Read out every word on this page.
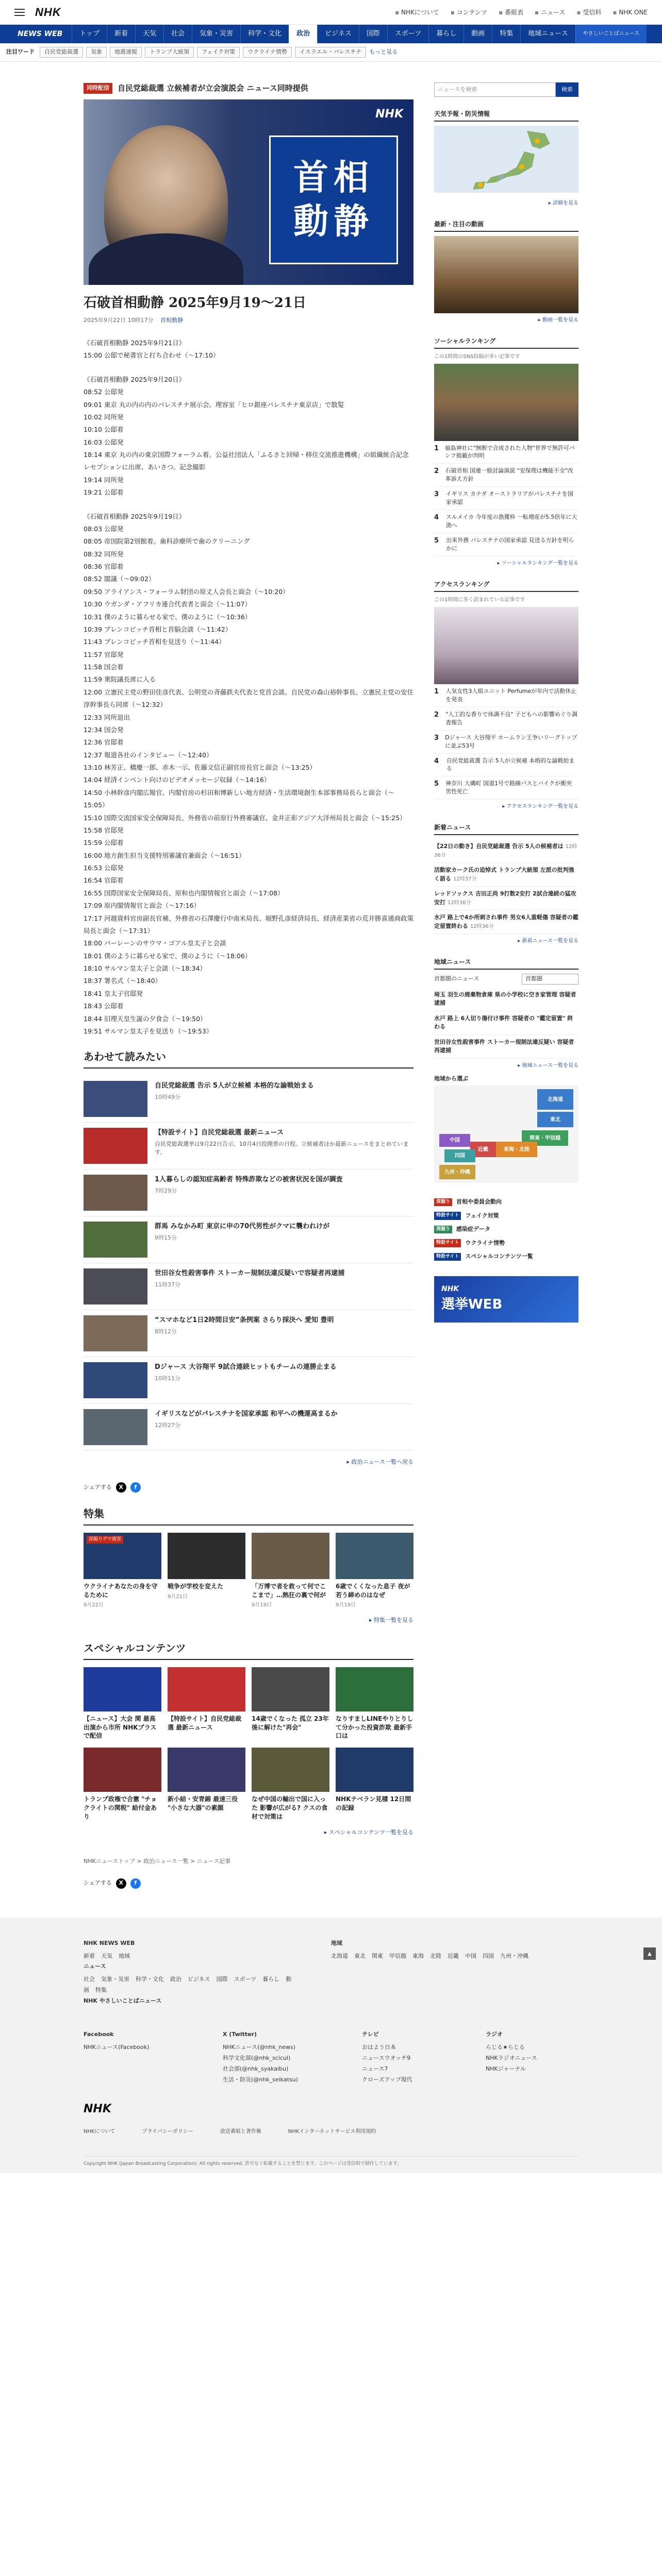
NHK	▪ NHKについて	▪ コンテンツ	▪ 番組表	▪ ニュース	▪ 受信料	▪ NHK ONE
NEWS WEB	トップ	新着	天気	社会	気象・災害	科学・文化	政治	ビジネス	国際	スポーツ	暮らし	動画	特集	地域ニュース	やさしいことばニュース
注目ワード	自民党総裁選	気象	地震速報	トランプ大統領	フェイク対策	ウクライナ情勢	イスラエル・パレスチナ	もっと見る
同時配信	自民党総裁選 立候補者が立会演説会 ニュース同時提供
NHK
首相
動静
石破首相動静 2025年9月19〜21日
2025年9月22日 10時17分 首相動静

《石破首相動静 2025年9月21日》
15:00 公邸で秘書官と打ち合わせ（〜17:10）

《石破首相動静 2025年9月20日》
08:52 公邸発
09:01 東京 丸の内の内のパレスチナ展示会。理容室「ヒロ銀座パレスチナ東京店」で散髪
10:02 同所発
10:10 公邸着
16:03 公邸発
18:14 東京 丸の内の東京国際フォーラム着。公益社団法人「ふるさと回帰・移住交流推進機構」の組織統合記念レセプションに出席、あいさつ。記念撮影
19:14 同所発
19:21 公邸着

《石破首相動静 2025年9月19日》
08:03 公邸発
08:05 帝国院第2別館着。歯科診療所で歯のクリーニング
08:32 同所発
08:36 官邸着
08:52 閣議（〜09:02）
09:50 アライアンス・フォーラム財団の原丈人会長と面会（〜10:20）
10:30 ウガンダ・アフリカ連合代表者と面会（〜11:07）
10:31 僕のように暮らせる家で、僕のように（〜10:36）
10:39 プレンコビッチ首相と首脳会談（〜11:42）
11:43 プレンコビッチ首相を見送り（〜11:44）
11:57 官邸発
11:58 国会着
11:59 衆院議長席に入る
12:00 立憲民主党の野田佳彦代表、公明党の斉藤鉄夫代表と党首会談。自民党の森山裕幹事長、立憲民主党の安住淳幹事長ら同席（〜12:32）
12:33 同所退出
12:34 国会発
12:36 官邸着
12:37 報道各社のインタビュー（〜12:40）
13:10 林芳正、橋慶一郎、赤木一示、佐藤文信正副官房長官と面会（〜13:25）
14:04 経済インベント向けのビデオメッセージ収録（〜14:16）
14:50 小林幹彦内閣広報官、内閣官房の杉田和博新しい地方経済・生活環境創生本部事務局長らと面会（〜15:05）
15:10 国際交流国家安全保障局長、外務省の前原行外務審議官、金井正彰アジア大洋州局長と面会（〜15:25）
15:58 官邸発
15:59 公邸着
16:00 地方創生担当支援特別審議官兼面会（〜16:51）
16:53 公邸発
16:54 官邸着
16:55 国際国家安全保障局長、原和也内閣情報官と面会（〜17:08）
17:09 原内閣情報官と面会（〜17:16）
17:17 河越資料官房副長官補、外務省の石澤慶行中南米局長、堀野孔彦経済局長、経済産業省の荒井勝喜通商政策局長と面会（〜17:31）
18:00 パーレーンのサウマ・ゴアル皇太子と会談
18:01 僕のように暮らせる家で、僕のように（〜18:06）
18:10 サルマン皇太子と会談（〜18:34）
18:37 署名式（〜18:40）
18:41 皇太子官邸発
18:43 公邸着
18:44 旧理天皇生誕の夕食会（〜19:50）
19:51 サルマン皇太子を見送り（〜19:53）

あわせて読みたい
自民党総裁選 告示 5人が立候補 本格的な論戦始まる
10時49分
【特設サイト】自民党総裁選 最新ニュース
自民党総裁選挙は9月22日告示、10月4日投開票の日程。立候補者ほか最新ニュースをまとめています。
1人暮らしの認知症高齢者 特殊詐欺などの被害状況を国が調査
7時29分
群馬 みなかみ町 東京に申の70代男性がクマに襲われけが
9時15分
世田谷女性殺害事件 ストーカー規制法違反疑いで容疑者再逮捕
11時37分
“スマホなど1日2時間目安”条例案 さらり採決へ 愛知 豊明
8時12分
Dジャース 大谷翔平 9試合連続ヒットもチームの連勝止まる
10時11分
イギリスなどがパレスチナを国家承認 和平への機運高まるか
12時27分
▸ 政治ニュース一覧へ戻る
シェアする	X	f
特集
深掘りグマ被害
ウクライナあなたの身を守るために
9月22日
戦争が学校を変えた
9月21日
「万博で者を救って何でここまで」…熱狂の裏で何が
9月19日
6歳でくくなった息子 夜が若う締めのはなぜ
9月19日
▸ 特集一覧を見る
スペシャルコンテンツ
【ニュース】大会 関 最高出演から市所 NHKプラスで配信
【特設サイト】自民党総裁選 最新ニュース
14歳でくなった 孤立 23年後に解けた"再会"
なりすましLINEやりとりして分かった投資詐欺 最新手口は
トランプ政権で合憲 "チョクライトの関税" 給付金あり
新小結・安青錦 最速三役 "小さな大器"の素顔
なぜ中国の輸出で国に入った 影響が広がる? クスの食材で対策は
NHKテベラン見積 12日間の記録
▸ スペシャルコンテンツ一覧を見る
NHKニューストップ > 政治ニュース一覧 > ニュース記事
シェアする	X	f
ニュースを検索	検索
天気予報・防災情報
▸ 詳細を見る
最新・注目の動画
▸ 動画一覧を見る
ソーシャルランキング
この1時間のSNS投稿が多い記事です
1	福島神社に"無断で合成された人物"世界で無許可パンフ掲載が判明
2	石破首相 国連一般討論演説 "安保理は機能不全"改革訴え方針
3	イギリス カナダ オーストラリアがパレスチナを国家承認
4	スルメイカ 今年度の漁獲枠 一転増産が5.5倍年に大漁へ
5	出来外務 パレスチナの国家承認 見送る方針を明らかに
▸ ソーシャルランキング一覧を見る
アクセスランキング
この1時間に多く読まれている記事です
1	人気女性3人組ユニット Perfumeが年内で活動休止を発表
2	"人工的な香りで体調不良" 子どもへの影響めぐり調査報告
3	Dジャース 大谷翔平 ホームラン王争いリーグトップに並ぶ53号
4	自民党総裁選 告示 5人が立候補 本格的な論戦始まる
5	神奈川 大磯町 国道1号で路線バスとバイクが衝突 男性死亡
▸ アクセスランキング一覧を見る
新着ニュース
【22日の動き】自民党総裁選 告示 5人の候補者は 12時36分
活動家カーク氏の追悼式 トランプ大統領 左派の批判強く語る 12時37分
レッドソックス 吉田正尚 9打数2安打 2試合連続の猛攻安打 12時36分
水戸 路上で4か所刺され事件 男女6人重軽傷 容疑者の鑑定留置終わる 12時36分
▸ 新着ニュース一覧を見る
地域ニュース
首都圏のニュース	首都圏
埼玉 羽生の廃棄物倉庫 県の小学校に空き家管理 容疑者 逮捕
水戸 路上 6人切り傷付け事件 容疑者の "鑑定留置" 終わる
世田谷女性殺害事件 ストーカー規制法違反疑い 容疑者再逮捕
▸ 地域ニュース一覧を見る
地域から選ぶ
北海道
東北
関東・甲信越
東海・北陸
近畿
中国
四国
九州・沖縄
深掘り	首相や委員会動向
特設サイト	フェイク対策
深掘り	感染症データ
特設サイト	ウクライナ情勢
特設サイト	スペシャルコンテンツ一覧
NHK
選挙WEB
NHK NEWS WEB
新着 天気 地域
ニュース
社会 気象・災害 科学・文化 政治 ビジネス 国際 スポーツ 暮らし 動画 特集
NHK やさしいことばニュース
地域
北海道 東北 関東 甲信越 東海 北陸 近畿 中国 四国 九州・沖縄
Facebook
NHKニュース(Facebook)
X (Twitter)
NHKニュース(@nhk_news)
科学文化部(@nhk_scicul)
社会部(@nhk_syakaibu)
生活・防災(@nhk_seikatsu)
テレビ
おはよう日本
ニュースウオッチ9
ニュース7
クローズアップ現代
ラジオ
らじる★らじる
NHKラジオニュース
NHKジャーナル
NHK
NHKについて	プライバシーポリシー	放送番組と著作権	NHKインターネットサービス利用規約
Copyright NHK (Japan Broadcasting Corporation). All rights reserved. 許可なく転載することを禁じます。このページは受信料で制作しています。
▲
